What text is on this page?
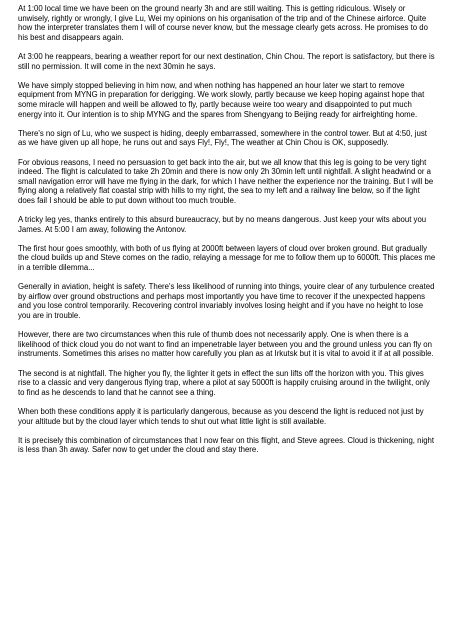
At 1:00 local time we have been on the ground nearly 3h and are still waiting. This is getting ridiculous. Wisely or unwisely, rightly or wrongly, I give Lu, Wei my opinions on his organisation of the trip and of the Chinese airforce. Quite how the interpreter translates them I will of course never know, but the message clearly gets across. He promises to do his best and disappears again.

At 3:00 he reappears, bearing a weather report for our next destination, Chin Chou. The report is satisfactory, but there is still no permission. It will come in the next 30min he says.

We have simply stopped believing in him now, and when nothing has happened an hour later we start to remove equipment from MYNG in preparation for derigging. We work slowly, partly because we keep hoping against hope that some miracle will happen and weill be allowed to fly, partly because weire too weary and disappointed to put much energy into it. Our intention is to ship MYNG and the spares from Shengyang to Beijing ready for airfreighting home.

There's no sign of Lu, who we suspect is hiding, deeply embarrassed, somewhere in the control tower. But at 4:50, just as we have given up all hope, he runs out and says Fly!, Fly!, The weather at Chin Chou is OK, supposedly.

For obvious reasons, I need no persuasion to get back into the air, but we all know that this leg is going to be very tight indeed. The flight is calculated to take 2h 20min and there is now only 2h 30min left until nightfall. A slight headwind or a small navigation error will have me flying in the dark, for which I have neither the experience nor the training. But I will be flying along a relatively flat coastal strip with hills to my right, the sea to my left and a railway line below, so if the light does fail I should be able to put down without too much trouble.

A tricky leg yes, thanks entirely to this absurd bureaucracy, but by no means dangerous. Just keep your wits about you James. At 5:00 I am away, following the Antonov.

The first hour goes smoothly, with both of us flying at 2000ft between layers of cloud over broken ground. But gradually the cloud builds up and Steve comes on the radio, relaying a message for me to follow them up to 6000ft. This places me in a terrible dilemma...

Generally in aviation, height is safety. There's less likelihood of running into things, youire clear of any turbulence created by airflow over ground obstructions and perhaps most importantly you have time to recover if the unexpected happens and you lose control temporarily. Recovering control invariably involves losing height and if you have no height to lose you are in trouble.

However, there are two circumstances when this rule of thumb does not necessarily apply. One is when there is a likelihood of thick cloud you do not want to find an impenetrable layer between you and the ground unless you can fly on instruments. Sometimes this arises no matter how carefully you plan as at Irkutsk but it is vital to avoid it if at all possible.

The second is at nightfall. The higher you fly, the lighter it gets in effect the sun lifts off the horizon with you. This gives rise to a classic and very dangerous flying trap, where a pilot at say 5000ft is happily cruising around in the twilight, only to find as he descends to land that he cannot see a thing.

When both these conditions apply it is particularly dangerous, because as you descend the light is reduced not just by your altitude but by the cloud layer which tends to shut out what little light is still available.

It is precisely this combination of circumstances that I now fear on this flight, and Steve agrees. Cloud is thickening, night is less than 3h away. Safer now to get under the cloud and stay there.
